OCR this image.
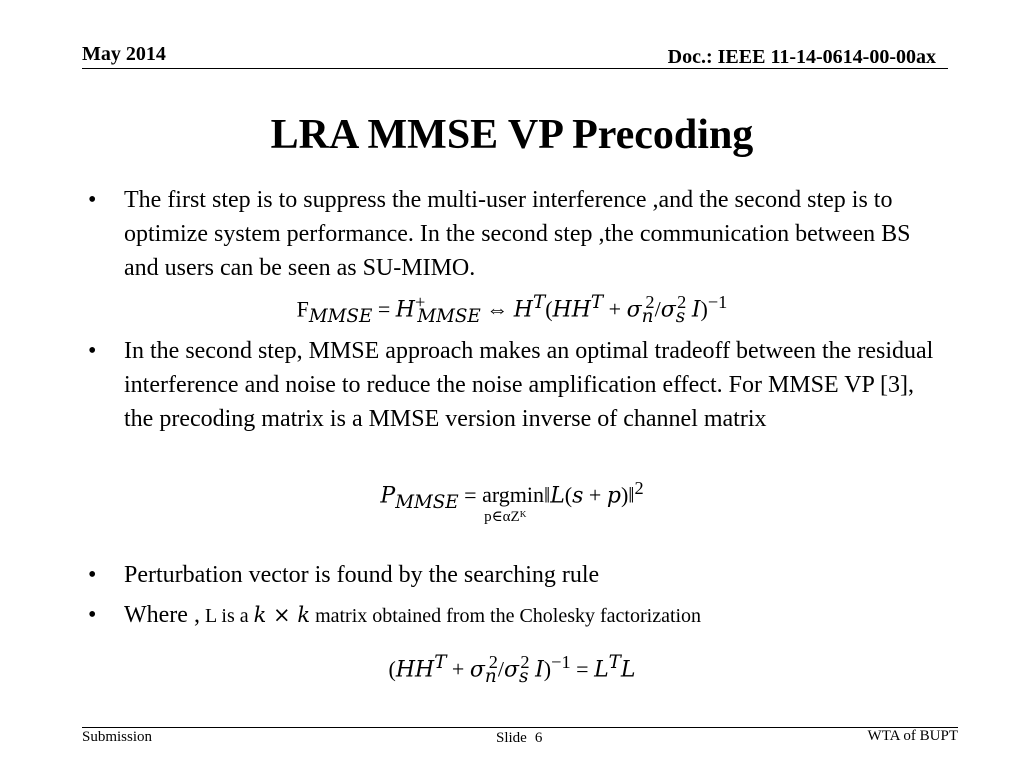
May 2014	Doc.: IEEE 11-14-0614-00-00ax
LRA MMSE VP Precoding
• The first step is to suppress the multi-user interference ,and the second step is to optimize system performance. In the second step ,the communication between BS and users can be seen as SU-MIMO.
$F_{MMSE} = H^+_{MMSE}$ ⇔ $H^T(HH^T + \sigma_n^2/\sigma_s^2$ I)$^{-1}$
• In the second step, MMSE approach makes an optimal tradeoff between the residual interference and noise to reduce the noise amplification effect. For MMSE VP [3], the precoding matrix is a MMSE version inverse of channel matrix
$P_{MMSE} = argmin$
p∈αZᴷ
‖L(s + p)‖$^2$
• Perturbation vector is found by the searching rule
• Where , L is a k × k matrix obtained from the Cholesky factorization
($HH^T + \sigma_n^2/\sigma_s^2$ $I)^{-1} = L^TL$
Submission	Slide 6	WTA of BUPT
